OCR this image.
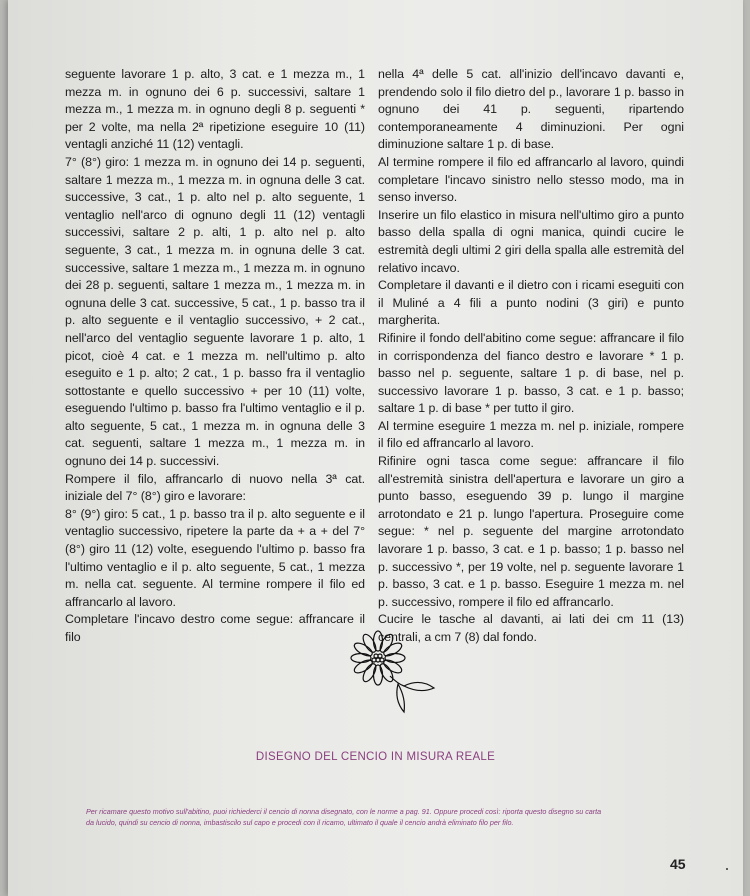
seguente lavorare 1 p. alto, 3 cat. e 1 mezza m., 1 mezza m. in ognuno dei 6 p. successivi, saltare 1 mezza m., 1 mezza m. in ognuno degli 8 p. seguenti * per 2 volte, ma nella 2ª ripetizione eseguire 10 (11) ventagli anziché 11 (12) ventagli.

7° (8°) giro: 1 mezza m. in ognuno dei 14 p. seguenti, saltare 1 mezza m., 1 mezza m. in ognuna delle 3 cat. successive, 3 cat., 1 p. alto nel p. alto seguente, 1 ventaglio nell'arco di ognuno degli 11 (12) ventagli successivi, saltare 2 p. alti, 1 p. alto nel p. alto seguente, 3 cat., 1 mezza m. in ognuna delle 3 cat. successive, saltare 1 mezza m., 1 mezza m. in ognuno dei 28 p. seguenti, saltare 1 mezza m., 1 mezza m. in ognuna delle 3 cat. successive, 5 cat., 1 p. basso tra il p. alto seguente e il ventaglio successivo, + 2 cat., nell'arco del ventaglio seguente lavorare 1 p. alto, 1 picot, cioè 4 cat. e 1 mezza m. nell'ultimo p. alto eseguito e 1 p. alto; 2 cat., 1 p. basso fra il ventaglio sottostante e quello successivo + per 10 (11) volte, eseguendo l'ultimo p. basso fra l'ultimo ventaglio e il p. alto seguente, 5 cat., 1 mezza m. in ognuna delle 3 cat. seguenti, saltare 1 mezza m., 1 mezza m. in ognuno dei 14 p. successivi.

Rompere il filo, affrancarlo di nuovo nella 3ª cat. iniziale del 7° (8°) giro e lavorare:

8° (9°) giro: 5 cat., 1 p. basso tra il p. alto seguente e il ventaglio successivo, ripetere la parte da + a + del 7° (8°) giro 11 (12) volte, eseguendo l'ultimo p. basso fra l'ultimo ventaglio e il p. alto seguente, 5 cat., 1 mezza m. nella cat. seguente. Al termine rompere il filo ed affrancarlo al lavoro.

Completare l'incavo destro come segue: affrancare il filo

nella 4ª delle 5 cat. all'inizio dell'incavo davanti e, prendendo solo il filo dietro del p., lavorare 1 p. basso in ognuno dei 41 p. seguenti, ripartendo contemporaneamente 4 diminuzioni. Per ogni diminuzione saltare 1 p. di base.

Al termine rompere il filo ed affrancarlo al lavoro, quindi completare l'incavo sinistro nello stesso modo, ma in senso inverso.

Inserire un filo elastico in misura nell'ultimo giro a punto basso della spalla di ogni manica, quindi cucire le estremità degli ultimi 2 giri della spalla alle estremità del relativo incavo.

Completare il davanti e il dietro con i ricami eseguiti con il Muliné a 4 fili a punto nodini (3 giri) e punto margherita.

Rifinire il fondo dell'abitino come segue: affrancare il filo in corrispondenza del fianco destro e lavorare * 1 p. basso nel p. seguente, saltare 1 p. di base, nel p. successivo lavorare 1 p. basso, 3 cat. e 1 p. basso; saltare 1 p. di base * per tutto il giro.

Al termine eseguire 1 mezza m. nel p. iniziale, rompere il filo ed affrancarlo al lavoro.

Rifinire ogni tasca come segue: affrancare il filo all'estremità sinistra dell'apertura e lavorare un giro a punto basso, eseguendo 39 p. lungo il margine arrotondato e 21 p. lungo l'apertura. Proseguire come segue: * nel p. seguente del margine arrotondato lavorare 1 p. basso, 3 cat. e 1 p. basso; 1 p. basso nel p. successivo *, per 19 volte, nel p. seguente lavorare 1 p. basso, 3 cat. e 1 p. basso. Eseguire 1 mezza m. nel p. successivo, rompere il filo ed affrancarlo.

Cucire le tasche al davanti, ai lati dei cm 11 (13) centrali, a cm 7 (8) dal fondo.

DISEGNO DEL CENCIO IN MISURA REALE
Per ricamare questo motivo sull'abitino, puoi richiederci il cencio di nonna disegnato, con le norme a pag. 91. Oppure procedi così: riporta questo disegno su carta da lucido, quindi su cencio di nonna, imbastiscilo sul capo e procedi con il ricamo, ultimato il quale il cencio andrà eliminato filo per filo.
45
